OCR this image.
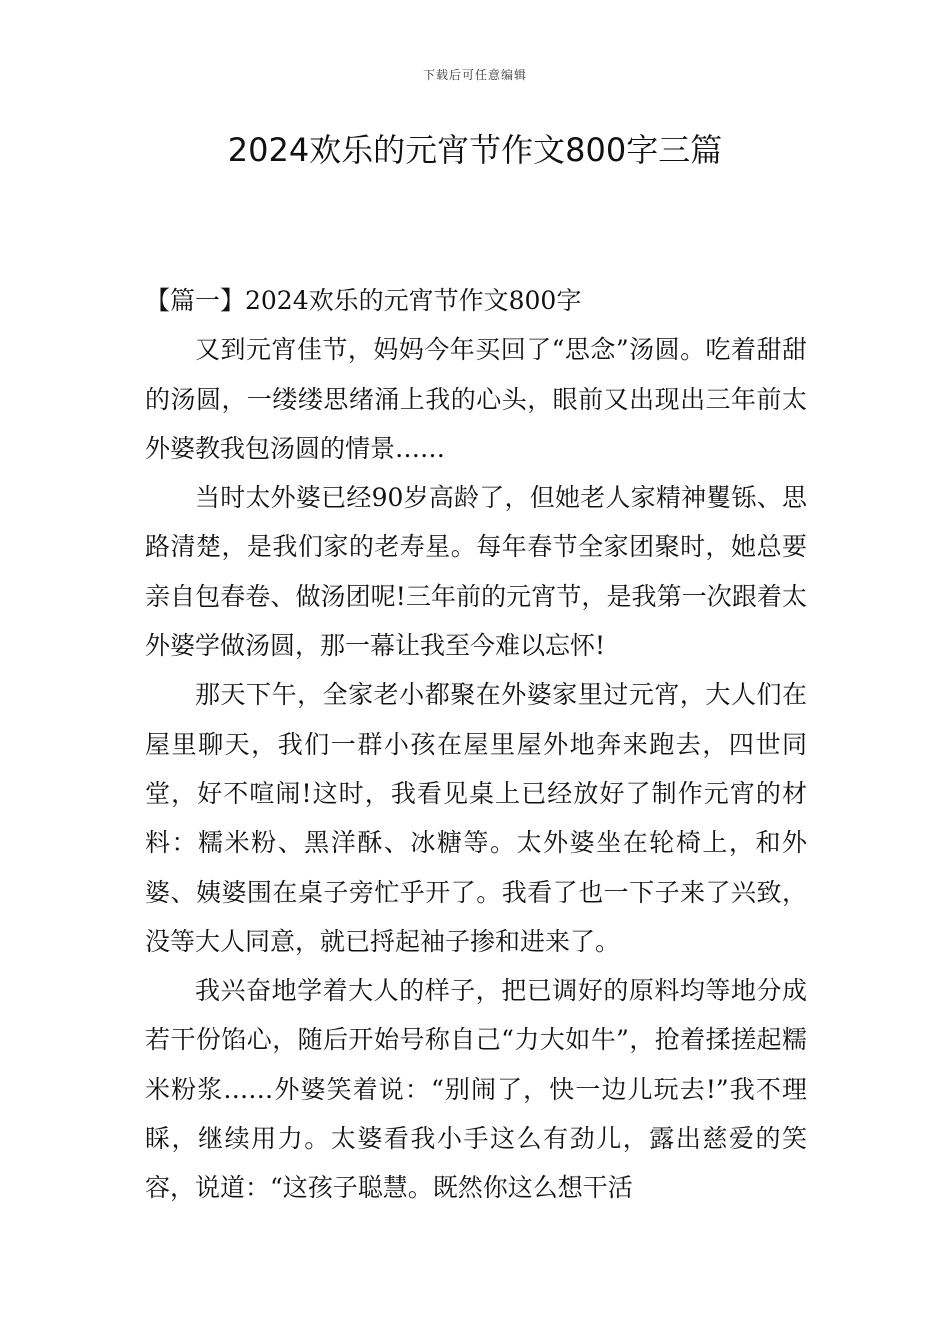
下载后可任意编辑
2024欢乐的元宵节作文800字三篇

【篇一】2024欢乐的元宵节作文800字

又到元宵佳节，妈妈今年买回了“思念”汤圆。吃着甜甜的汤圆，一缕缕思绪涌上我的心头，眼前又出现出三年前太外婆教我包汤圆的情景……

当时太外婆已经90岁高龄了，但她老人家精神矍铄、思路清楚，是我们家的老寿星。每年春节全家团聚时，她总要亲自包春卷、做汤团呢!三年前的元宵节，是我第一次跟着太外婆学做汤圆，那一幕让我至今难以忘怀!

那天下午，全家老小都聚在外婆家里过元宵，大人们在屋里聊天，我们一群小孩在屋里屋外地奔来跑去，四世同堂，好不喧闹!这时，我看见桌上已经放好了制作元宵的材料：糯米粉、黑洋酥、冰糖等。太外婆坐在轮椅上，和外婆、姨婆围在桌子旁忙乎开了。我看了也一下子来了兴致，没等大人同意，就已捋起袖子掺和进来了。

我兴奋地学着大人的样子，把已调好的原料均等地分成若干份馅心，随后开始号称自己“力大如牛”，抢着揉搓起糯米粉浆……外婆笑着说：“别闹了，快一边儿玩去!”我不理睬，继续用力。太婆看我小手这么有劲儿，露出慈爱的笑容，说道：“这孩子聪慧。既然你这么想干活
